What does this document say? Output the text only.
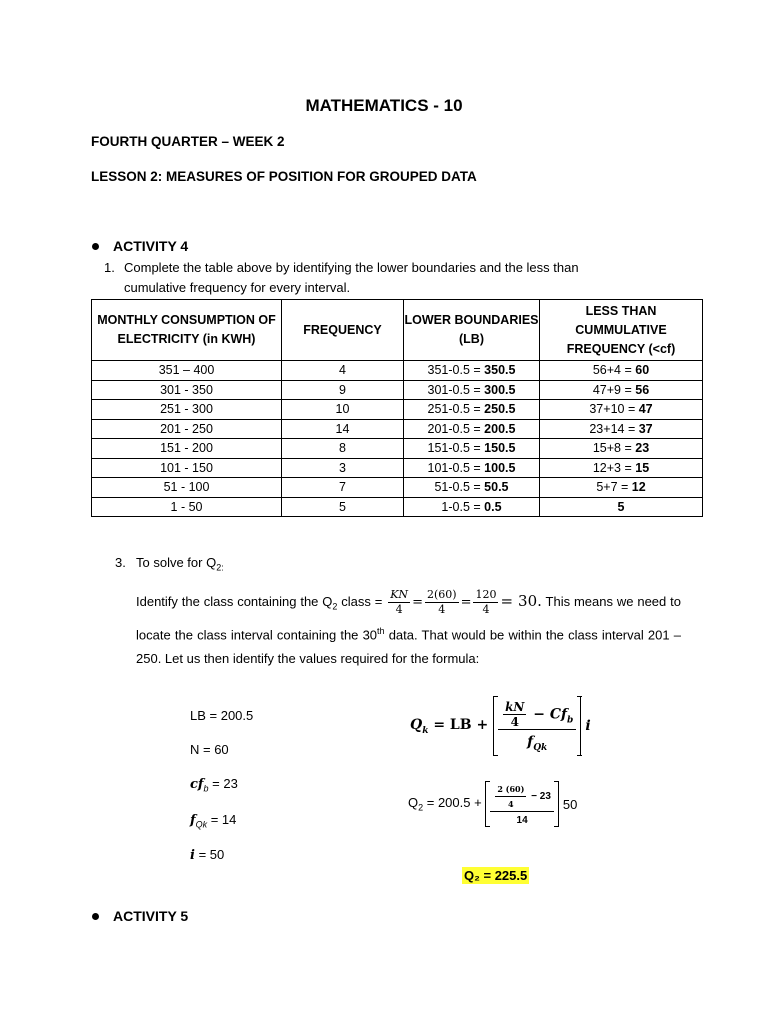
MATHEMATICS - 10
FOURTH QUARTER – WEEK 2
LESSON 2: MEASURES OF POSITION FOR GROUPED DATA
ACTIVITY 4
1. Complete the table above by identifying the lower boundaries and the less than cumulative frequency for every interval.
MONTHLY CONSUMPTION OF ELECTRICITY (in KWH)	FREQUENCY	LOWER BOUNDARIES (LB)	LESS THAN CUMMULATIVE FREQUENCY (<cf)
351 – 400	4	351-0.5 = 350.5	56+4 = 60
301 - 350	9	301-0.5 = 300.5	47+9 = 56
251 - 300	10	251-0.5 = 250.5	37+10 = 47
201 - 250	14	201-0.5 = 200.5	23+14 = 37
151 - 200	8	151-0.5 = 150.5	15+8 = 23
101 - 150	3	101-0.5 = 100.5	12+3 = 15
51 - 100	7	51-0.5 = 50.5	5+7 = 12
1 - 50	5	1-0.5 = 0.5	5
3. To solve for $Q_{2:}$
Identify the class containing the $Q_2$ class = $\frac{KN}{4} = \frac{2(60)}{4} = \frac{120}{4} = 30$. This means we need to locate the class interval containing the 30th data. That would be within the class interval 201 – 250. Let us then identify the values required for the formula:
LB = 200.5
N = 60
$cf_b = 23$
$f_{Qk} = 14$
i = 50
$Q_k$ = LB + $\frac{kN}{4} - Cf_b$
$f_{Qk}$
i
$Q_2 = 200.5 + \frac{2 (60)}{4} - 23$
14
50
Q₂ = 225.5
ACTIVITY 5
